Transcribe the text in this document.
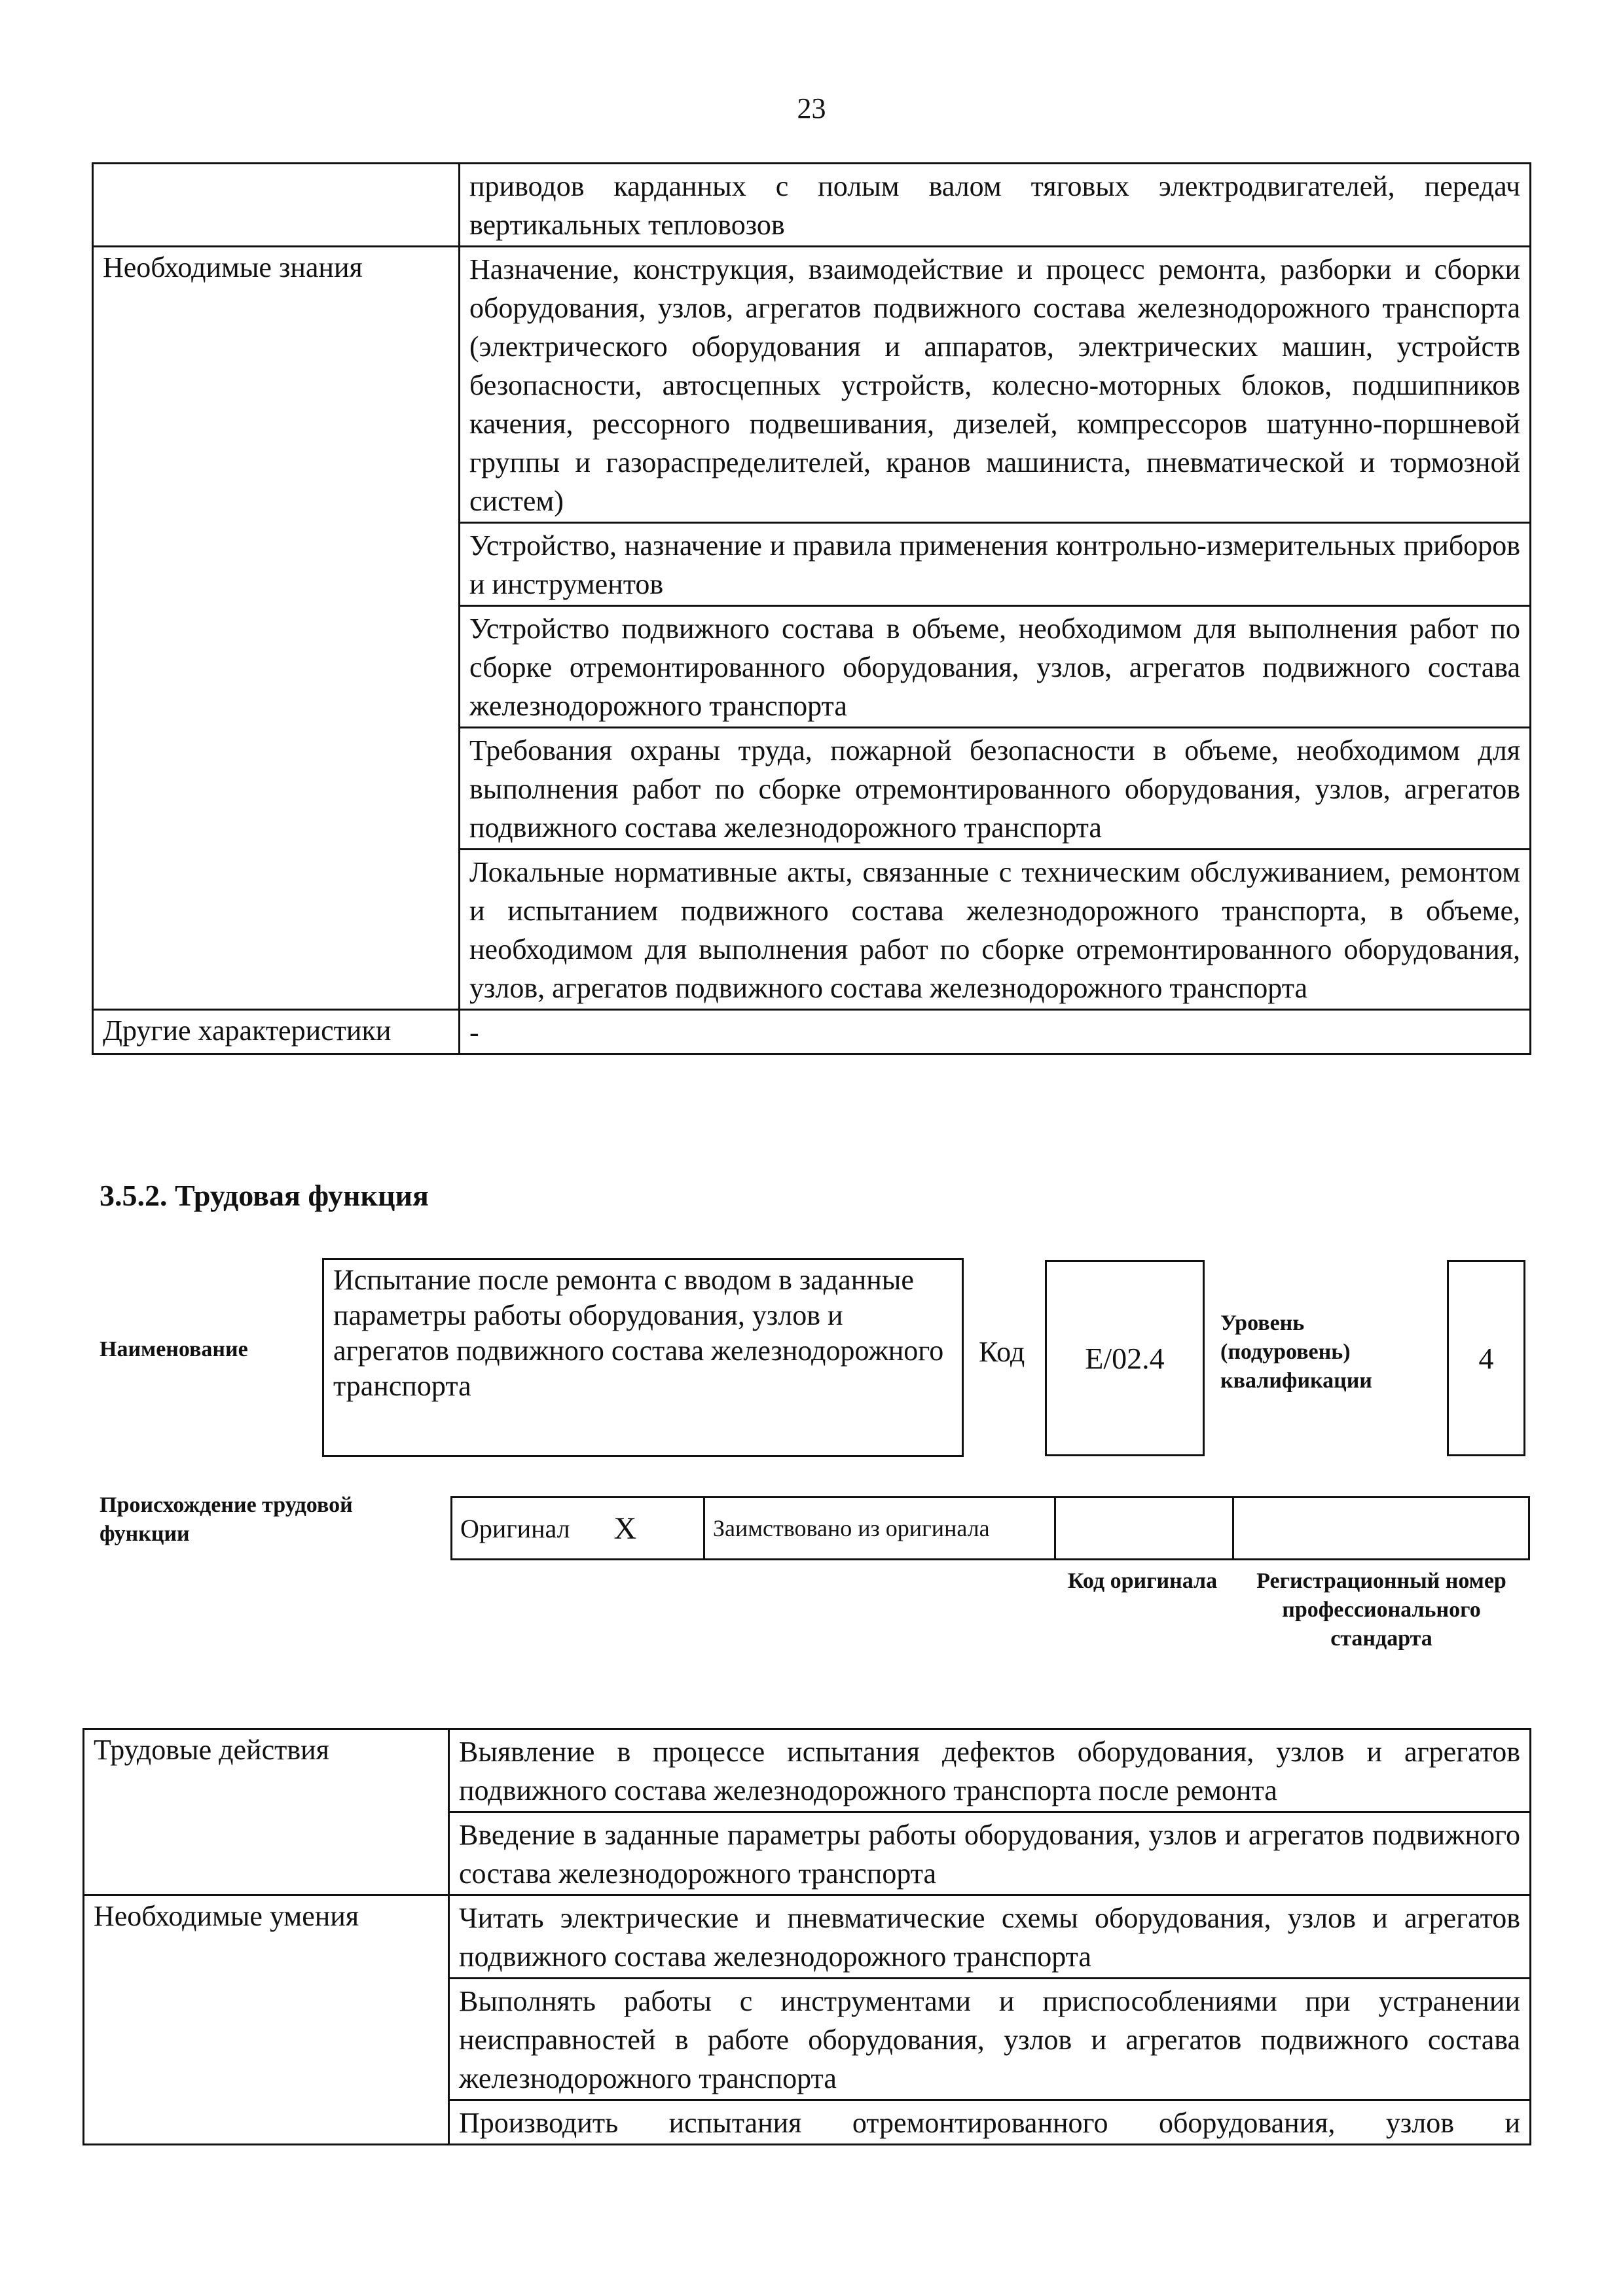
23
	приводов карданных с полым валом тяговых электродвигателей, передач вертикальных тепловозов
Необходимые знания	Назначение, конструкция, взаимодействие и процесс ремонта, разборки и сборки оборудования, узлов, агрегатов подвижного состава железнодорожного транспорта (электрического оборудования и аппаратов, электрических машин, устройств безопасности, автосцепных устройств, колесно-моторных блоков, подшипников качения, рессорного подвешивания, дизелей, компрессоров шатунно-поршневой группы и газораспределителей, кранов машиниста, пневматической и тормозной систем)
	Устройство, назначение и правила применения контрольно-измерительных приборов и инструментов
	Устройство подвижного состава в объеме, необходимом для выполнения работ по сборке отремонтированного оборудования, узлов, агрегатов подвижного состава железнодорожного транспорта
	Требования охраны труда, пожарной безопасности в объеме, необходимом для выполнения работ по сборке отремонтированного оборудования, узлов, агрегатов подвижного состава железнодорожного транспорта
	Локальные нормативные акты, связанные с техническим обслуживанием, ремонтом и испытанием подвижного состава железнодорожного транспорта, в объеме, необходимом для выполнения работ по сборке отремонтированного оборудования, узлов, агрегатов подвижного состава железнодорожного транспорта
Другие характеристики	-
3.5.2. Трудовая функция
Наименование
Испытание после ремонта с вводом в заданные параметры работы оборудования, узлов и агрегатов подвижного состава железнодорожного транспорта
Код	E/02.4
Уровень (подуровень) квалификации
4
Происхождение трудовой функции	Оригинал	X	Заимствовано из оригинала		
Код оригинала	Регистрационный номер профессионального стандарта
Трудовые действия	Выявление в процессе испытания дефектов оборудования, узлов и агрегатов подвижного состава железнодорожного транспорта после ремонта
	Введение в заданные параметры работы оборудования, узлов и агрегатов подвижного состава железнодорожного транспорта
Необходимые умения	Читать электрические и пневматические схемы оборудования, узлов и агрегатов подвижного состава железнодорожного транспорта
	Выполнять работы с инструментами и приспособлениями при устранении неисправностей в работе оборудования, узлов и агрегатов подвижного состава железнодорожного транспорта
	Производить испытания отремонтированного оборудования, узлов и
